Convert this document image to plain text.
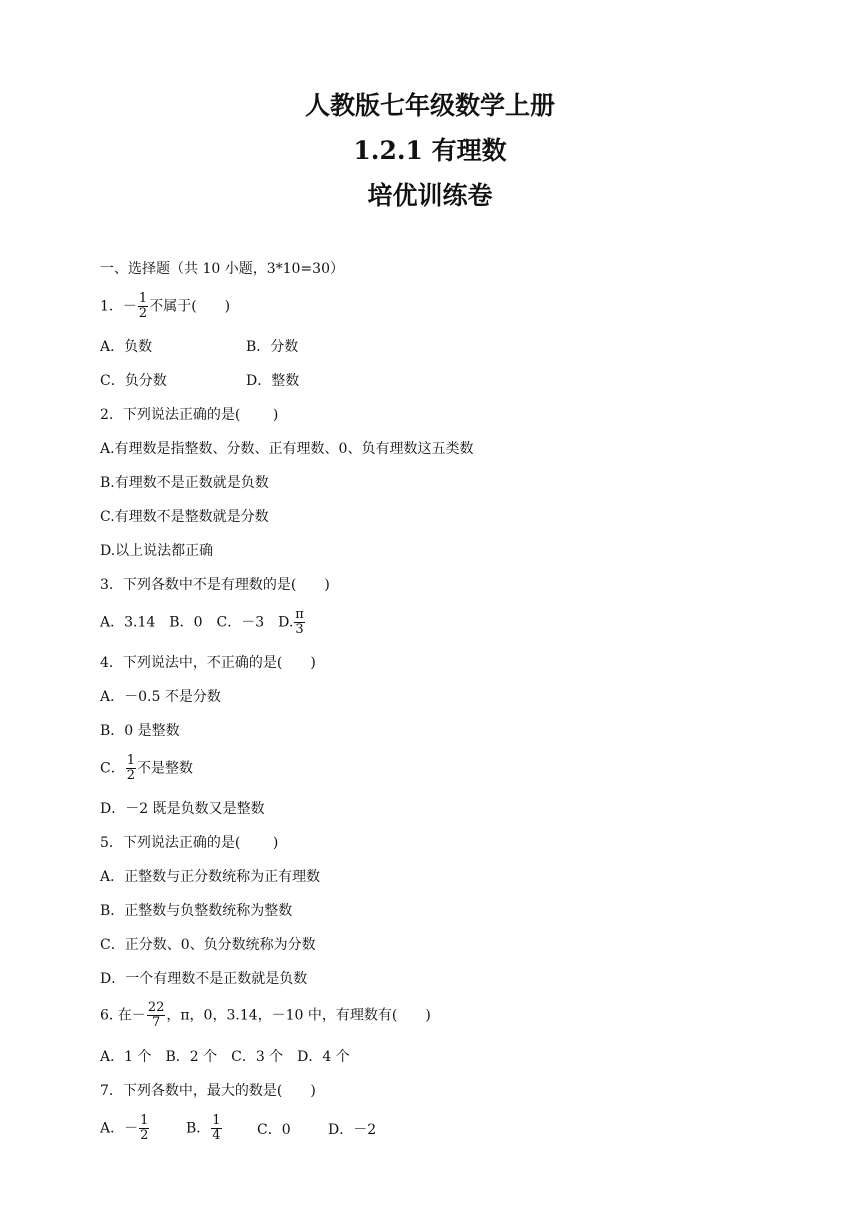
人教版七年级数学上册
1.2.1 有理数
培优训练卷
一、选择题（共 10 小题，3*10=30）
1．－ $\frac{1}{2}$ 不属于(　　)
A．负数	B．分数
C．负分数	D．整数
2．下列说法正确的是(　　 )
A.有理数是指整数、分数、正有理数、0、负有理数这五类数
B.有理数不是正数就是负数
C.有理数不是整数就是分数
D.以上说法都正确
3．下列各数中不是有理数的是(　　)
A．3.14　B．0　C．－3　D. $\frac{\pi}{3}$
4．下列说法中，不正确的是(　　)
A．－0.5 不是分数
B．0 是整数
C． $\frac{1}{2}$ 不是整数
D．－2 既是负数又是整数
5．下列说法正确的是(　　 )
A．正整数与正分数统称为正有理数
B．正整数与负整数统称为整数
C．正分数、0、负分数统称为分数
D．一个有理数不是正数就是负数
6. 在－ $\frac{22}{7}$ ，π，0，3.14，－10 中，有理数有(　　)
A．1 个　B．2 个　C．3 个　D．4 个
7．下列各数中，最大的数是(　　)
A．－ $\frac{1}{2}$	B． $\frac{1}{4}$	C．0	D．－2
